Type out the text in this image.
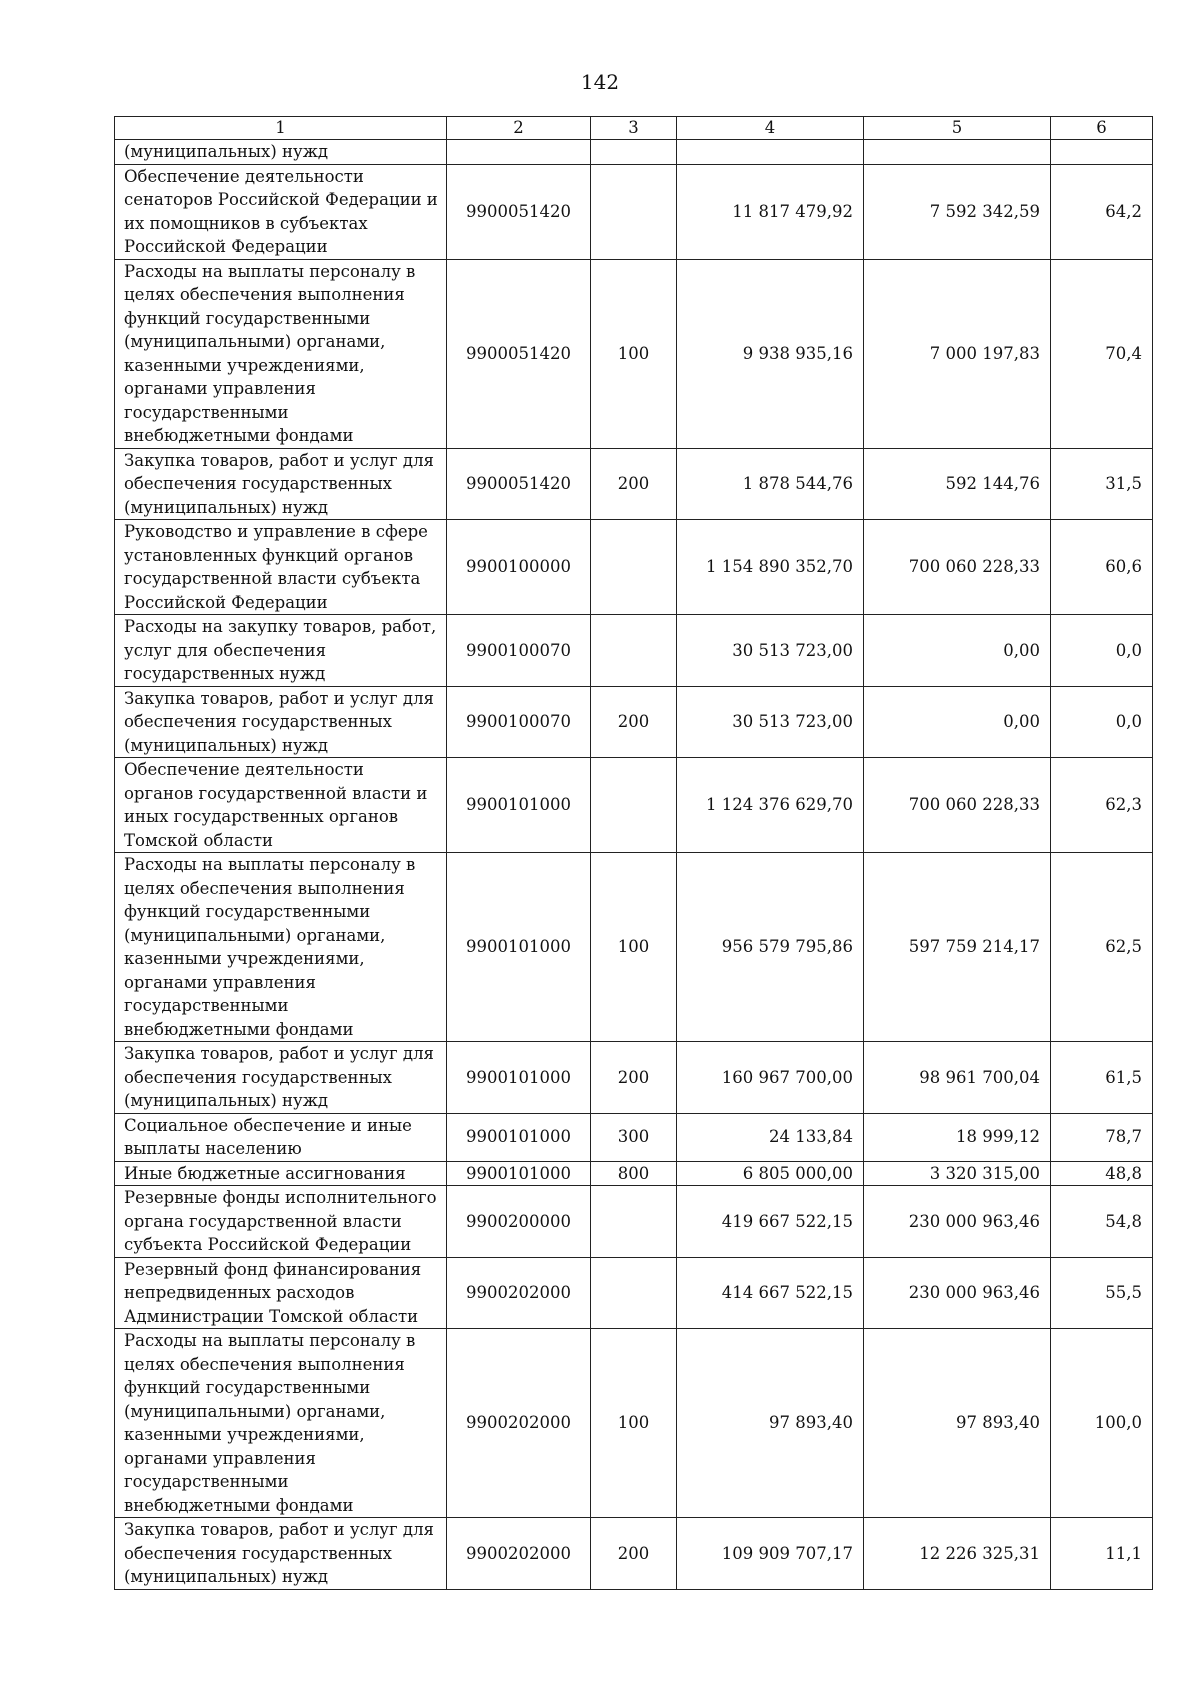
142
1	2	3	4	5	6
(муниципальных) нужд					
Обеспечение деятельности сенаторов Российской Федерации и их помощников в субъектах Российской Федерации	9900051420		11 817 479,92	7 592 342,59	64,2
Расходы на выплаты персоналу в целях обеспечения выполнения функций государственными (муниципальными) органами, казенными учреждениями, органами управления государственными внебюджетными фондами	9900051420	100	9 938 935,16	7 000 197,83	70,4
Закупка товаров, работ и услуг для обеспечения государственных (муниципальных) нужд	9900051420	200	1 878 544,76	592 144,76	31,5
Руководство и управление в сфере установленных функций органов государственной власти субъекта Российской Федерации	9900100000		1 154 890 352,70	700 060 228,33	60,6
Расходы на закупку товаров, работ, услуг для обеспечения государственных нужд	9900100070		30 513 723,00	0,00	0,0
Закупка товаров, работ и услуг для обеспечения государственных (муниципальных) нужд	9900100070	200	30 513 723,00	0,00	0,0
Обеспечение деятельности органов государственной власти и иных государственных органов Томской области	9900101000		1 124 376 629,70	700 060 228,33	62,3
Расходы на выплаты персоналу в целях обеспечения выполнения функций государственными (муниципальными) органами, казенными учреждениями, органами управления государственными внебюджетными фондами	9900101000	100	956 579 795,86	597 759 214,17	62,5
Закупка товаров, работ и услуг для обеспечения государственных (муниципальных) нужд	9900101000	200	160 967 700,00	98 961 700,04	61,5
Социальное обеспечение и иные выплаты населению	9900101000	300	24 133,84	18 999,12	78,7
Иные бюджетные ассигнования	9900101000	800	6 805 000,00	3 320 315,00	48,8
Резервные фонды исполнительного органа государственной власти субъекта Российской Федерации	9900200000		419 667 522,15	230 000 963,46	54,8
Резервный фонд финансирования непредвиденных расходов Администрации Томской области	9900202000		414 667 522,15	230 000 963,46	55,5
Расходы на выплаты персоналу в целях обеспечения выполнения функций государственными (муниципальными) органами, казенными учреждениями, органами управления государственными внебюджетными фондами	9900202000	100	97 893,40	97 893,40	100,0
Закупка товаров, работ и услуг для обеспечения государственных (муниципальных) нужд	9900202000	200	109 909 707,17	12 226 325,31	11,1
